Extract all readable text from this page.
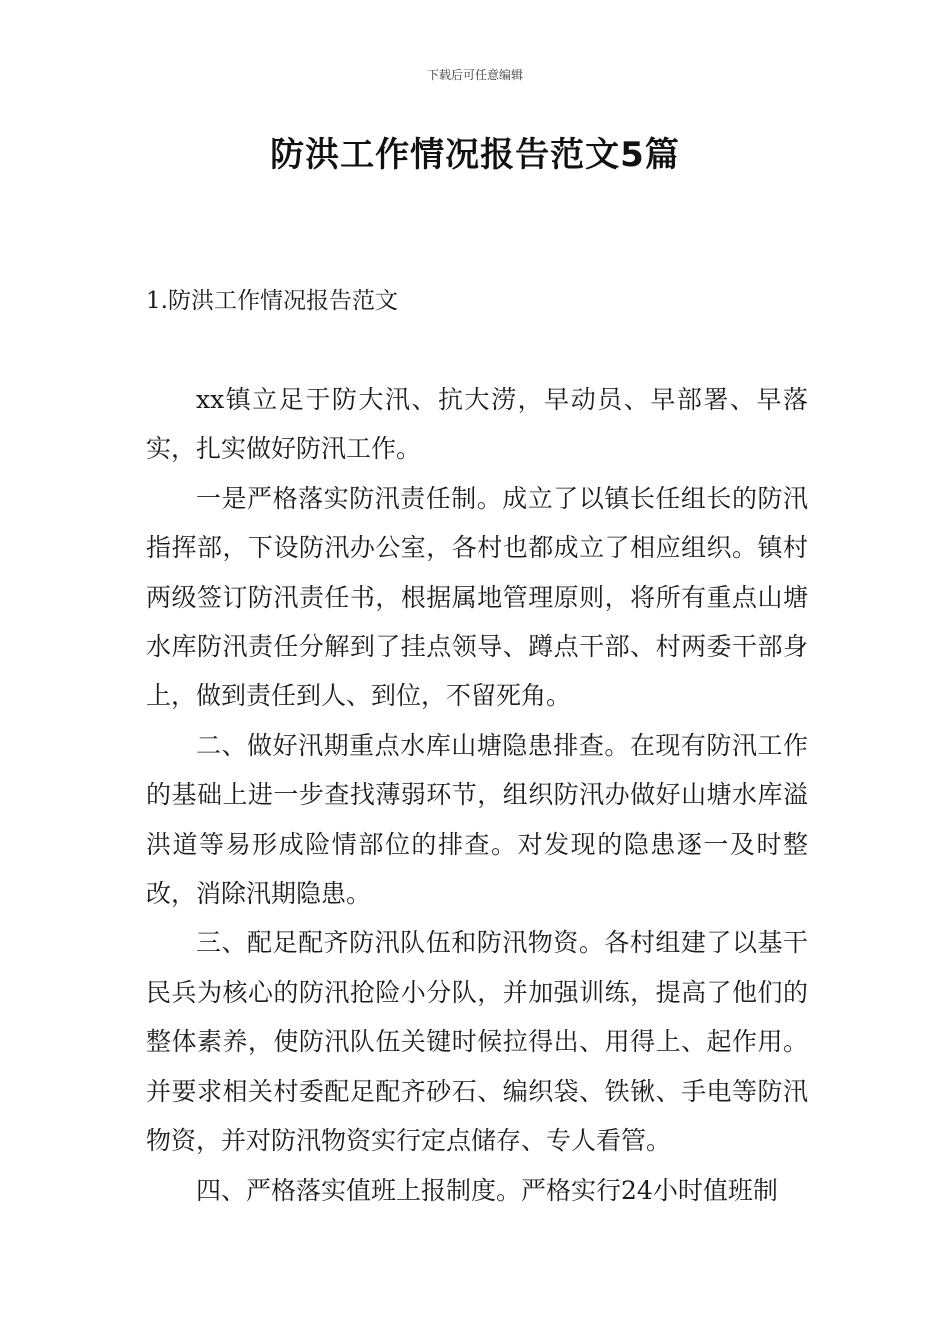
下载后可任意编辑
防洪工作情况报告范文5篇
1.防洪工作情况报告范文

xx镇立足于防大汛、抗大涝，早动员、早部署、早落实，扎实做好防汛工作。

一是严格落实防汛责任制。成立了以镇长任组长的防汛指挥部，下设防汛办公室，各村也都成立了相应组织。镇村两级签订防汛责任书，根据属地管理原则，将所有重点山塘水库防汛责任分解到了挂点领导、蹲点干部、村两委干部身上，做到责任到人、到位，不留死角。

二、做好汛期重点水库山塘隐患排查。在现有防汛工作的基础上进一步查找薄弱环节，组织防汛办做好山塘水库溢洪道等易形成险情部位的排查。对发现的隐患逐一及时整改，消除汛期隐患。

三、配足配齐防汛队伍和防汛物资。各村组建了以基干民兵为核心的防汛抢险小分队，并加强训练，提高了他们的整体素养，使防汛队伍关键时候拉得出、用得上、起作用。并要求相关村委配足配齐砂石、编织袋、铁锹、手电等防汛物资，并对防汛物资实行定点储存、专人看管。

四、严格落实值班上报制度。严格实行24小时值班制
